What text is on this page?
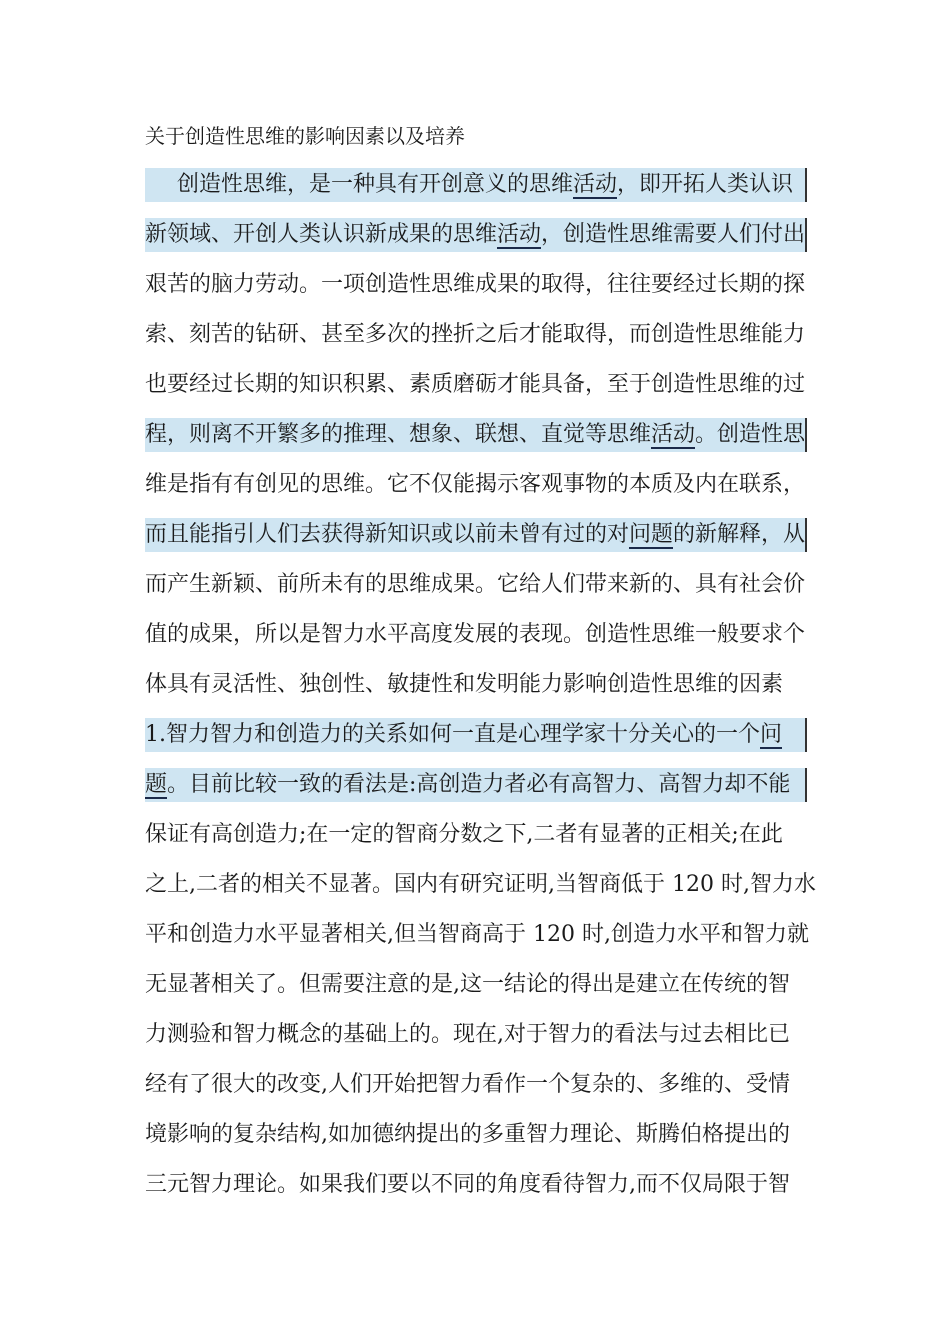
关于创造性思维的影响因素以及培养
创造性思维，是一种具有开创意义的思维活动，即开拓人类认识
新领域、开创人类认识新成果的思维活动，创造性思维需要人们付出
艰苦的脑力劳动。一项创造性思维成果的取得，往往要经过长期的探
索、刻苦的钻研、甚至多次的挫折之后才能取得，而创造性思维能力
也要经过长期的知识积累、素质磨砺才能具备，至于创造性思维的过
程，则离不开繁多的推理、想象、联想、直觉等思维活动。创造性思
维是指有有创见的思维。它不仅能揭示客观事物的本质及内在联系，
而且能指引人们去获得新知识或以前未曾有过的对问题的新解释，从
而产生新颖、前所未有的思维成果。它给人们带来新的、具有社会价
值的成果，所以是智力水平高度发展的表现。创造性思维一般要求个
体具有灵活性、独创性、敏捷性和发明能力影响创造性思维的因素
1.智力智力和创造力的关系如何一直是心理学家十分关心的一个问
题。目前比较一致的看法是:高创造力者必有高智力、高智力却不能
保证有高创造力;在一定的智商分数之下,二者有显著的正相关;在此
之上,二者的相关不显著。国内有研究证明,当智商低于 120 时,智力水
平和创造力水平显著相关,但当智商高于 120 时,创造力水平和智力就
无显著相关了。但需要注意的是,这一结论的得出是建立在传统的智
力测验和智力概念的基础上的。现在,对于智力的看法与过去相比已
经有了很大的改变,人们开始把智力看作一个复杂的、多维的、受情
境影响的复杂结构,如加德纳提出的多重智力理论、斯腾伯格提出的
三元智力理论。如果我们要以不同的角度看待智力,而不仅局限于智
